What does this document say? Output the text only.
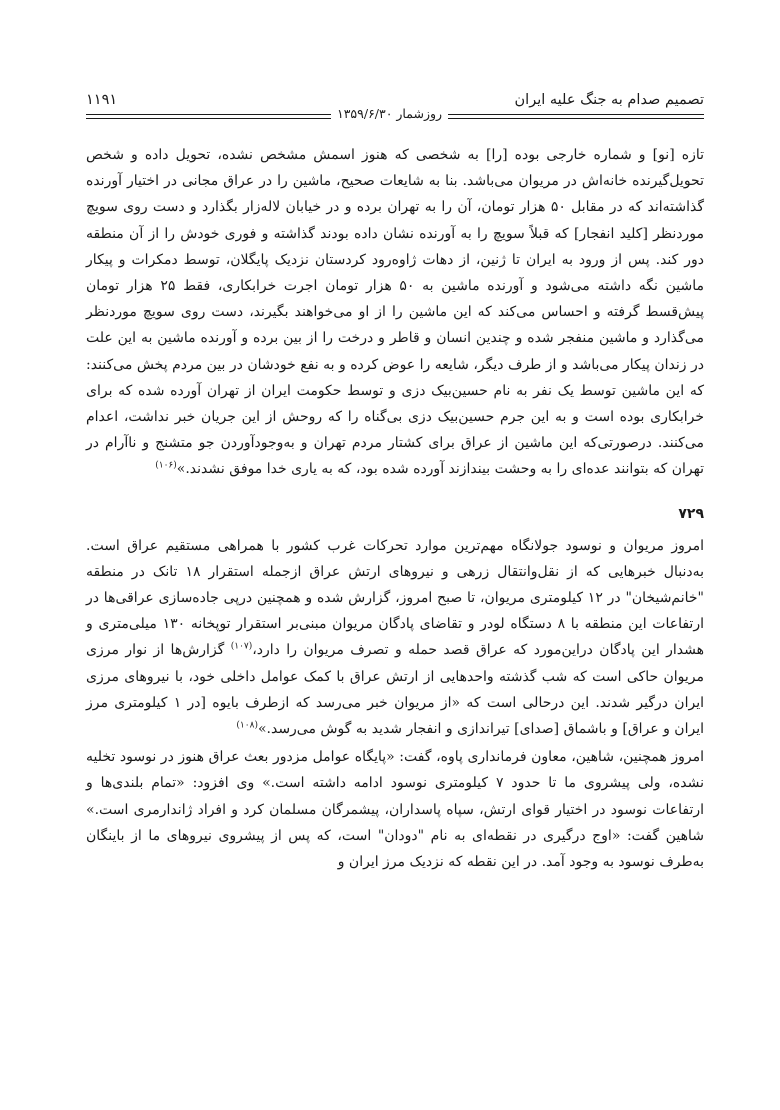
تصمیم صدام به جنگ علیه ایران
۱۱۹۱
روزشمار ۱۳۵۹/۶/۳۰

تازه [نو] و شماره خارجی بوده [را] به شخصی که هنوز اسمش مشخص نشده، تحویل داده و شخص تحویل‌گیرنده خانه‌اش در مریوان می‌باشد. بنا به شایعات صحیح، ماشین را در عراق مجانی در اختیار آورنده گذاشته‌اند که در مقابل ۵۰ هزار تومان، آن را به تهران برده و در خیابان لاله‌زار بگذارد و دست روی سویچ موردنظر [کلید انفجار] که قبلاً سویچ را به آورنده نشان داده بودند گذاشته و فوری خودش را از آن منطقه دور کند. پس از ورود به ایران تا ژنین، از دهات ژاوه‌رود کردستان نزدیک پایگلان، توسط دمکرات و پیکار ماشین نگه داشته می‌شود و آورنده ماشین به ۵۰ هزار تومان اجرت خرابکاری، فقط ۲۵ هزار تومان پیش‌قسط گرفته و احساس می‌کند که این ماشین را از او می‌خواهند بگیرند، دست روی سویچ موردنظر می‌گذارد و ماشین منفجر شده و چندین انسان و قاطر و درخت را از بین برده و آورنده ماشین به این علت در زندان پیکار می‌باشد و از طرف دیگر، شایعه را عوض کرده و به نفع خودشان در بین مردم پخش می‌کنند: که این ماشین توسط یک نفر به نام حسین‌بیک دزی و توسط حکومت ایران از تهران آورده شده که برای خرابکاری بوده است و به این جرم حسین‌بیک دزی بی‌گناه را که روحش از این جریان خبر نداشت، اعدام می‌کنند. درصورتی‌که این ماشین از عراق برای کشتار مردم تهران و به‌وجودآوردن جو متشنج و ناآرام در تهران که بتوانند عده‌ای را به وحشت بیندازند آورده شده بود، که به یاری خدا موفق نشدند.»$^{(۱۰۶)}$

۷۲۹

امروز مریوان و نوسود جولانگاه مهم‌ترین موارد تحرکات غرب کشور با همراهی مستقیم عراق است. به‌دنبال خبرهایی که از نقل‌وانتقال زرهی و نیروهای ارتش عراق ازجمله استقرار ۱۸ تانک در منطقه "خانم‌شیخان" در ۱۲ کیلومتری مریوان، تا صبح امروز، گزارش شده و همچنین درپی جاده‌سازی عراقی‌ها در ارتفاعات این منطقه با ۸ دستگاه لودر و تقاضای پادگان مریوان مبنی‌بر استقرار توپخانه ۱۳۰ میلی‌متری و هشدار این پادگان دراین‌مورد که عراق قصد حمله و تصرف مریوان را دارد،$^{(۱۰۷)}$ گزارش‌ها از نوار مرزی مریوان حاکی است که شب گذشته واحدهایی از ارتش عراق با کمک عوامل داخلی خود، با نیروهای مرزی ایران درگیر شدند. این درحالی است که «از مریوان خبر می‌رسد که ازطرف بایوه [در ۱ کیلومتری مرز ایران و عراق] و باشماق [صدای] تیراندازی و انفجار شدید به گوش می‌رسد.»$^{(۱۰۸)}$

امروز همچنین، شاهین، معاون فرمانداری پاوه، گفت: «پایگاه عوامل مزدور بعث عراق هنوز در نوسود تخلیه نشده، ولی پیشروی ما تا حدود ۷ کیلومتری نوسود ادامه داشته است.» وی افزود: «تمام بلندی‌ها و ارتفاعات نوسود در اختیار قوای ارتش، سپاه پاسداران، پیشمرگان مسلمان کرد و افراد ژاندارمری است.» شاهین گفت: «اوج درگیری در نقطه‌ای به نام "دودان" است، که پس از پیشروی نیروهای ما از باینگان به‌طرف نوسود به وجود آمد. در این نقطه که نزدیک مرز ایران و
